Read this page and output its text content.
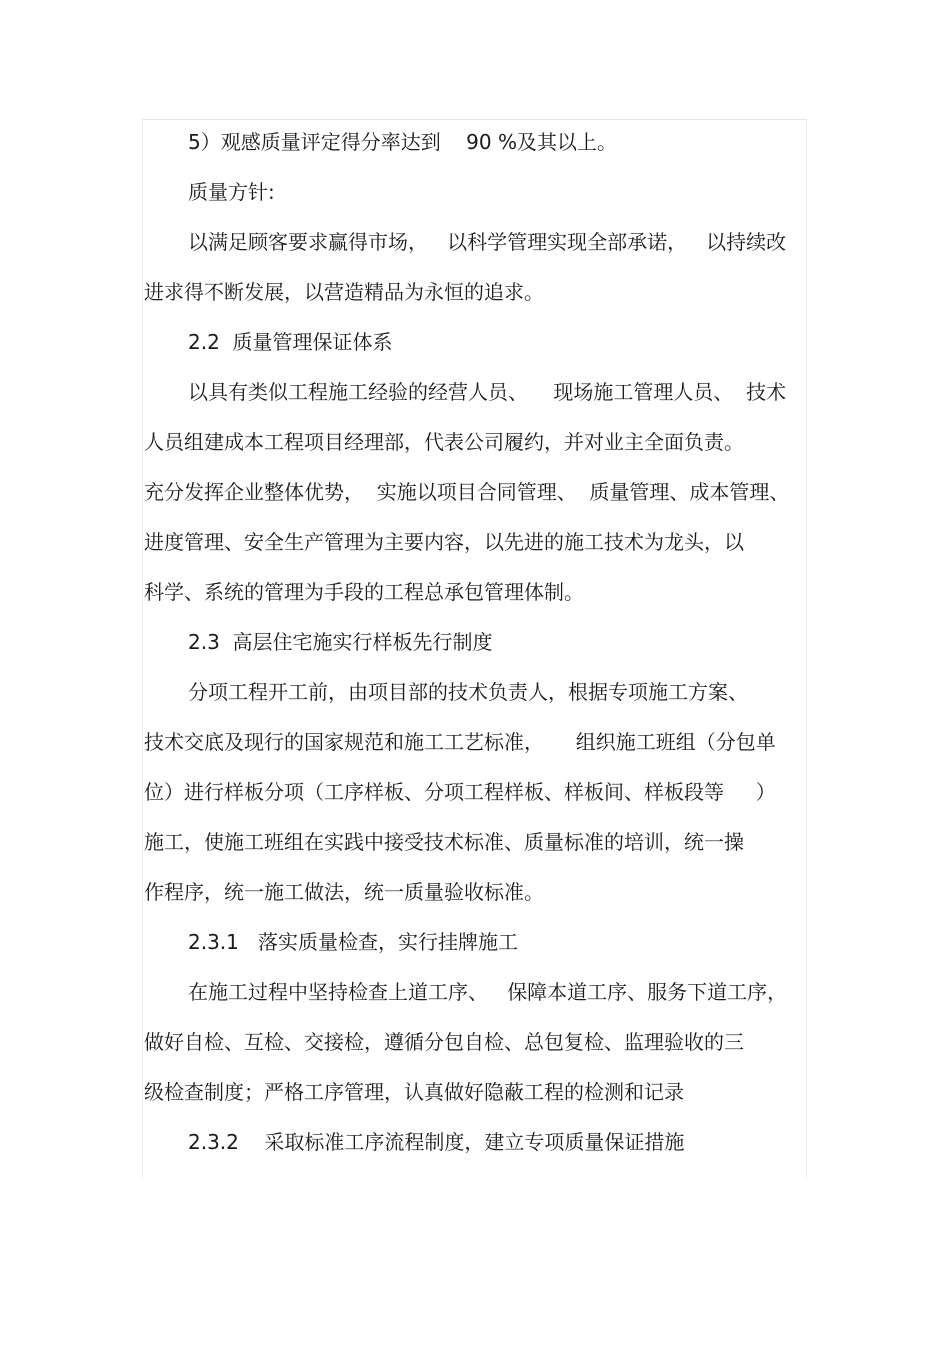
5）观感质量评定得分率达到    90 %及其以上。
质量方针:
以满足顾客要求赢得市场，   以科学管理实现全部承诺，   以持续改
进求得不断发展，以营造精品为永恒的追求。
2.2  质量管理保证体系
以具有类似工程施工经验的经营人员、    现场施工管理人员、  技术
人员组建成本工程项目经理部，代表公司履约，并对业主全面负责。
充分发挥企业整体优势，  实施以项目合同管理、  质量管理、成本管理、
进度管理、安全生产管理为主要内容，以先进的施工技术为龙头，以
科学、系统的管理为手段的工程总承包管理体制。
2.3  高层住宅施实行样板先行制度
分项工程开工前，由项目部的技术负责人，根据专项施工方案、
技术交底及现行的国家规范和施工工艺标准，     组织施工班组（分包单
位）进行样板分项（工序样板、分项工程样板、样板间、样板段等     ）
施工，使施工班组在实践中接受技术标准、质量标准的培训，统一操
作程序，统一施工做法，统一质量验收标准。
2.3.1   落实质量检查，实行挂牌施工
在施工过程中坚持检查上道工序、   保障本道工序、服务下道工序，
做好自检、互检、交接检，遵循分包自检、总包复检、监理验收的三
级检查制度；严格工序管理，认真做好隐蔽工程的检测和记录
2.3.2    采取标准工序流程制度，建立专项质量保证措施
